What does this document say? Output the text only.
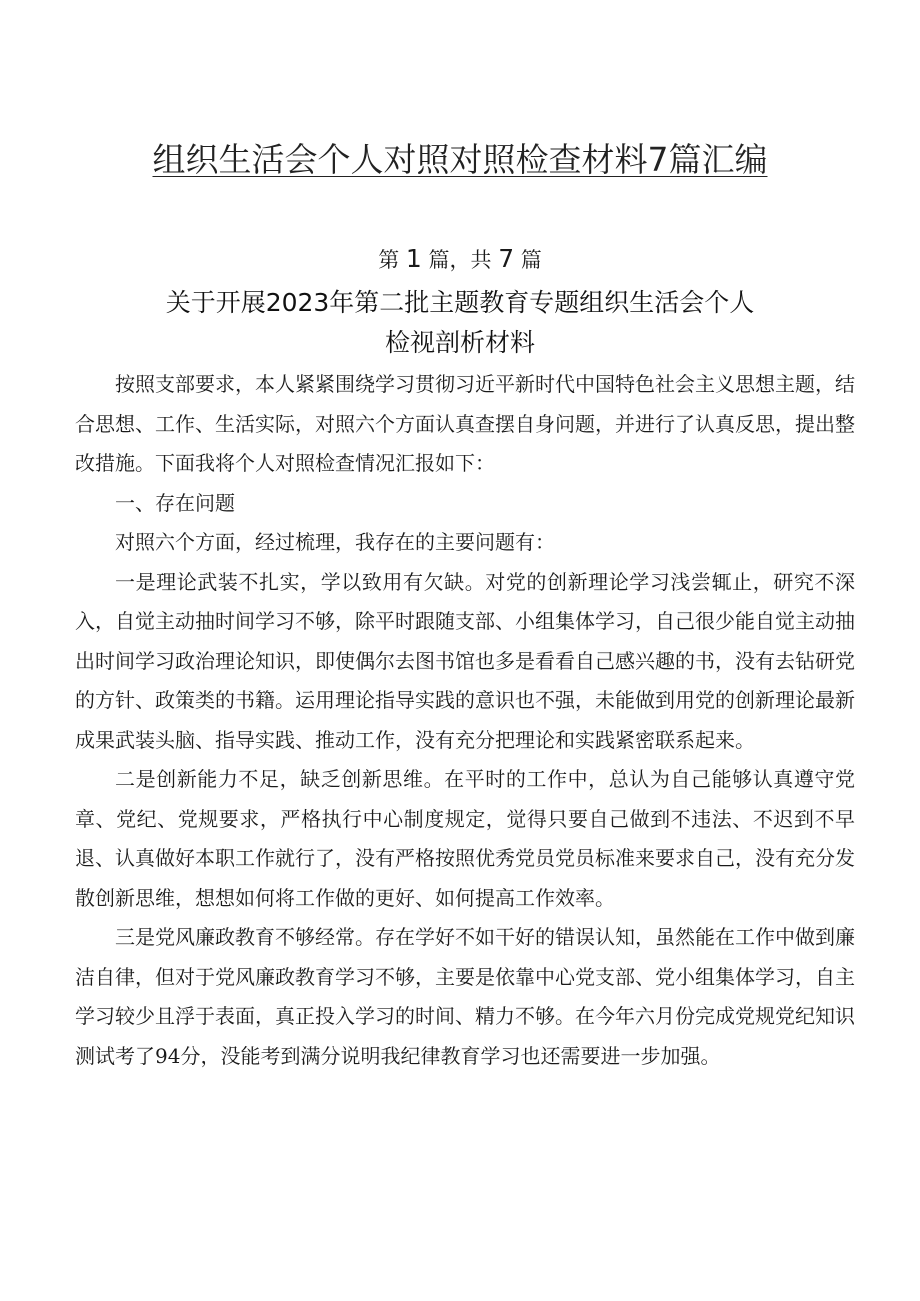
组织生活会个人对照对照检查材料7篇汇编
第 1 篇，共 7 篇
关于开展2023年第二批主题教育专题组织生活会个人
检视剖析材料

按照支部要求，本人紧紧围绕学习贯彻习近平新时代中国特色社会主义思想主题，结合思想、工作、生活实际，对照六个方面认真查摆自身问题，并进行了认真反思，提出整改措施。下面我将个人对照检查情况汇报如下：

一、存在问题

对照六个方面，经过梳理，我存在的主要问题有：

一是理论武装不扎实，学以致用有欠缺。对党的创新理论学习浅尝辄止，研究不深入，自觉主动抽时间学习不够，除平时跟随支部、小组集体学习，自己很少能自觉主动抽出时间学习政治理论知识，即使偶尔去图书馆也多是看看自己感兴趣的书，没有去钻研党的方针、政策类的书籍。运用理论指导实践的意识也不强，未能做到用党的创新理论最新成果武装头脑、指导实践、推动工作，没有充分把理论和实践紧密联系起来。

二是创新能力不足，缺乏创新思维。在平时的工作中，总认为自己能够认真遵守党章、党纪、党规要求，严格执行中心制度规定，觉得只要自己做到不违法、不迟到不早退、认真做好本职工作就行了，没有严格按照优秀党员党员标准来要求自己，没有充分发散创新思维，想想如何将工作做的更好、如何提高工作效率。

三是党风廉政教育不够经常。存在学好不如干好的错误认知，虽然能在工作中做到廉洁自律，但对于党风廉政教育学习不够，主要是依靠中心党支部、党小组集体学习，自主学习较少且浮于表面，真正投入学习的时间、精力不够。在今年六月份完成党规党纪知识测试考了94分，没能考到满分说明我纪律教育学习也还需要进一步加强。
